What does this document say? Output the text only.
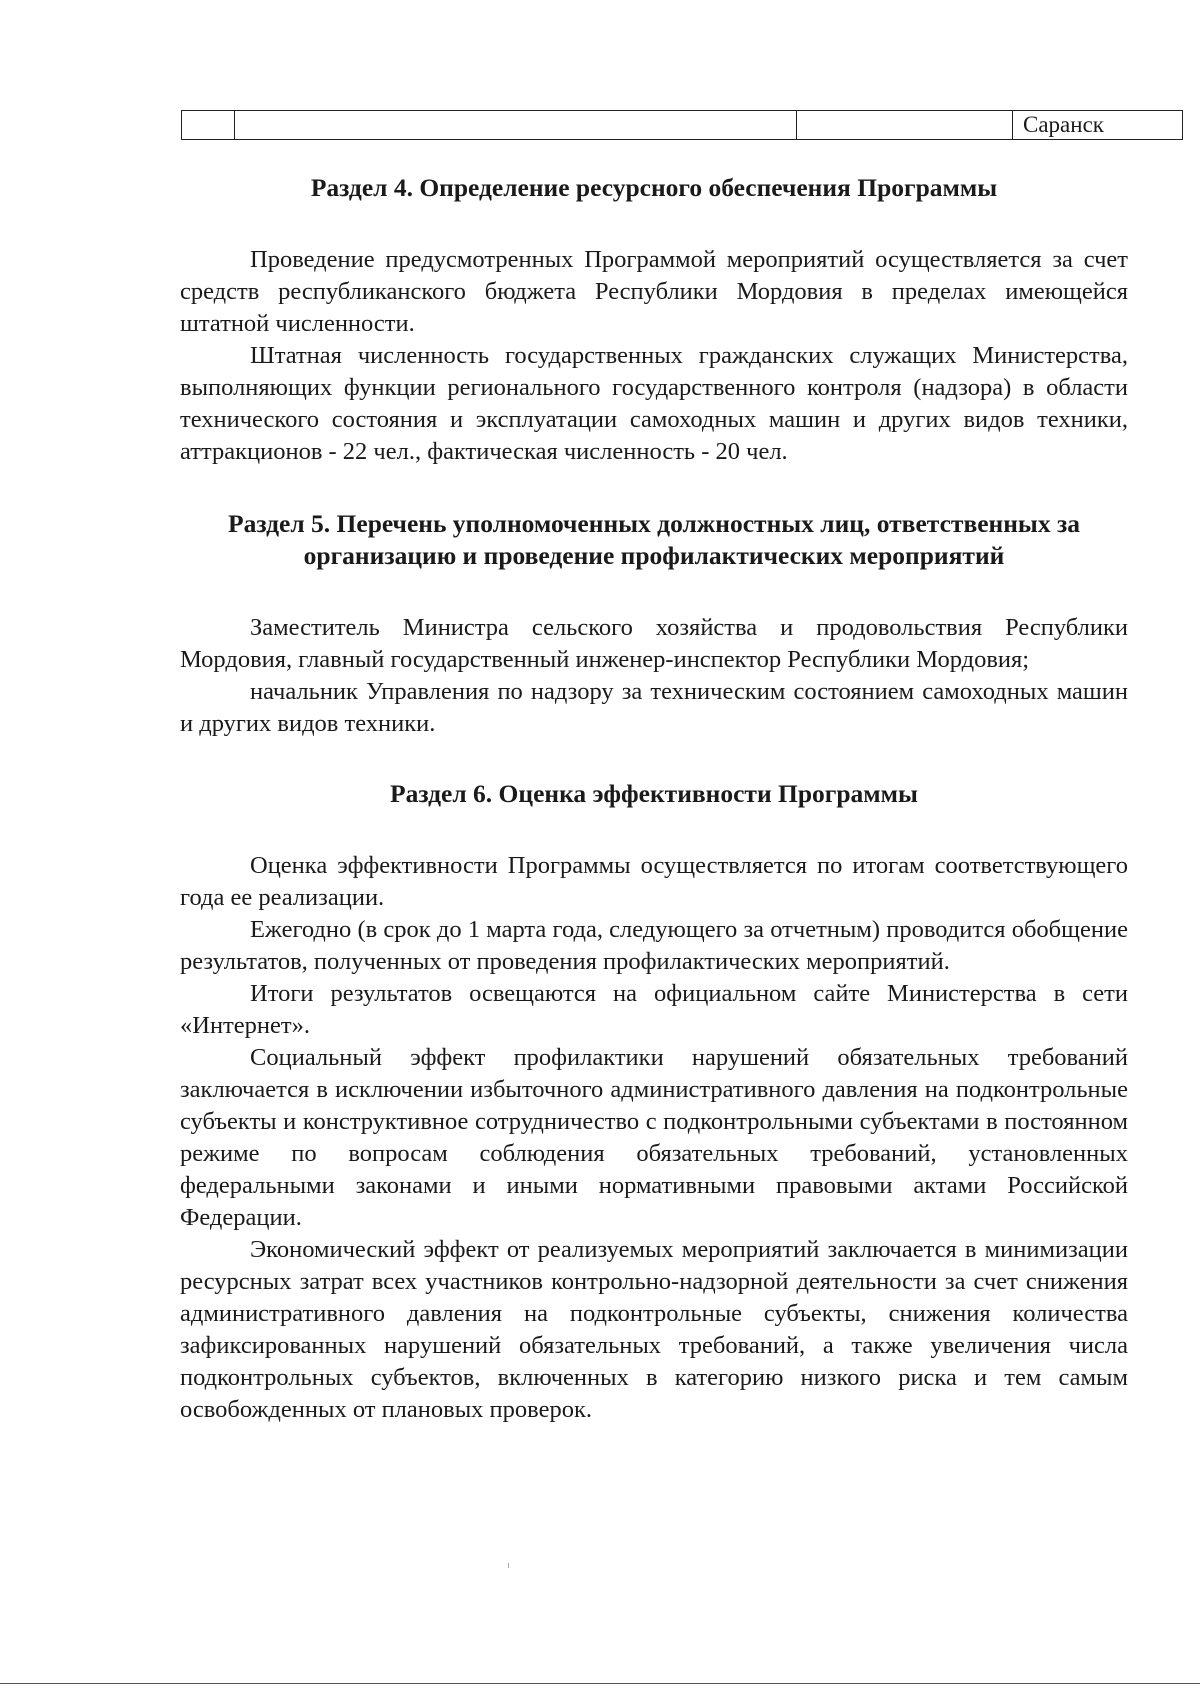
Саранск
Раздел 4. Определение ресурсного обеспечения Программы

Проведение предусмотренных Программой мероприятий осуществляется за счет средств республиканского бюджета Республики Мордовия в пределах имеющейся штатной численности.

Штатная численность государственных гражданских служащих Министерства, выполняющих функции регионального государственного контроля (надзора) в области технического состояния и эксплуатации самоходных машин и других видов техники, аттракционов - 22 чел., фактическая численность - 20 чел.

Раздел 5. Перечень уполномоченных должностных лиц, ответственных за организацию и проведение профилактических мероприятий

Заместитель Министра сельского хозяйства и продовольствия Республики Мордовия, главный государственный инженер-инспектор Республики Мордовия;

начальник Управления по надзору за техническим состоянием самоходных машин и других видов техники.

Раздел 6. Оценка эффективности Программы

Оценка эффективности Программы осуществляется по итогам соответствующего года ее реализации.

Ежегодно (в срок до 1 марта года, следующего за отчетным) проводится обобщение результатов, полученных от проведения профилактических мероприятий.

Итоги результатов освещаются на официальном сайте Министерства в сети «Интернет».

Социальный эффект профилактики нарушений обязательных требований заключается в исключении избыточного административного давления на подконтрольные субъекты и конструктивное сотрудничество с подконтрольными субъектами в постоянном режиме по вопросам соблюдения обязательных требований, установленных федеральными законами и иными нормативными правовыми актами Российской Федерации.

Экономический эффект от реализуемых мероприятий заключается в минимизации ресурсных затрат всех участников контрольно-надзорной деятельности за счет снижения административного давления на подконтрольные субъекты, снижения количества зафиксированных нарушений обязательных требований, а также увеличения числа подконтрольных субъектов, включенных в категорию низкого риска и тем самым освобожденных от плановых проверок.
